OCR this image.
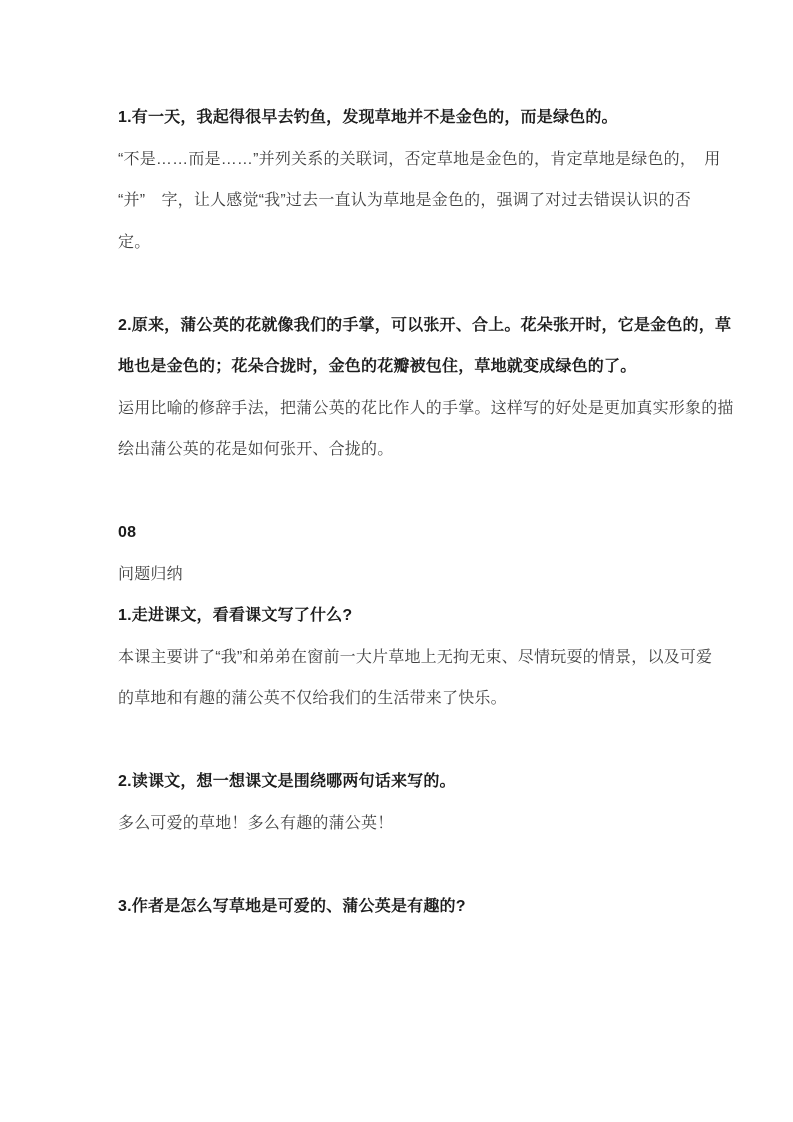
1.有一天，我起得很早去钓鱼，发现草地并不是金色的，而是绿色的。
“不是……而是……”并列关系的关联词，否定草地是金色的，肯定草地是绿色的，　用
“并”　字，让人感觉“我”过去一直认为草地是金色的，强调了对过去错误认识的否
定。
2.原来，蒲公英的花就像我们的手掌，可以张开、合上。花朵张开时，它是金色的，草
地也是金色的；花朵合拢时，金色的花瓣被包住，草地就变成绿色的了。
运用比喻的修辞手法，把蒲公英的花比作人的手掌。这样写的好处是更加真实形象的描
绘出蒲公英的花是如何张开、合拢的。
08
问题归纳
1.走进课文，看看课文写了什么?
本课主要讲了“我”和弟弟在窗前一大片草地上无拘无束、尽情玩耍的情景，以及可爱
的草地和有趣的蒲公英不仅给我们的生活带来了快乐。
2.读课文，想一想课文是围绕哪两句话来写的。
多么可爱的草地！多么有趣的蒲公英！
3.作者是怎么写草地是可爱的、蒲公英是有趣的?
